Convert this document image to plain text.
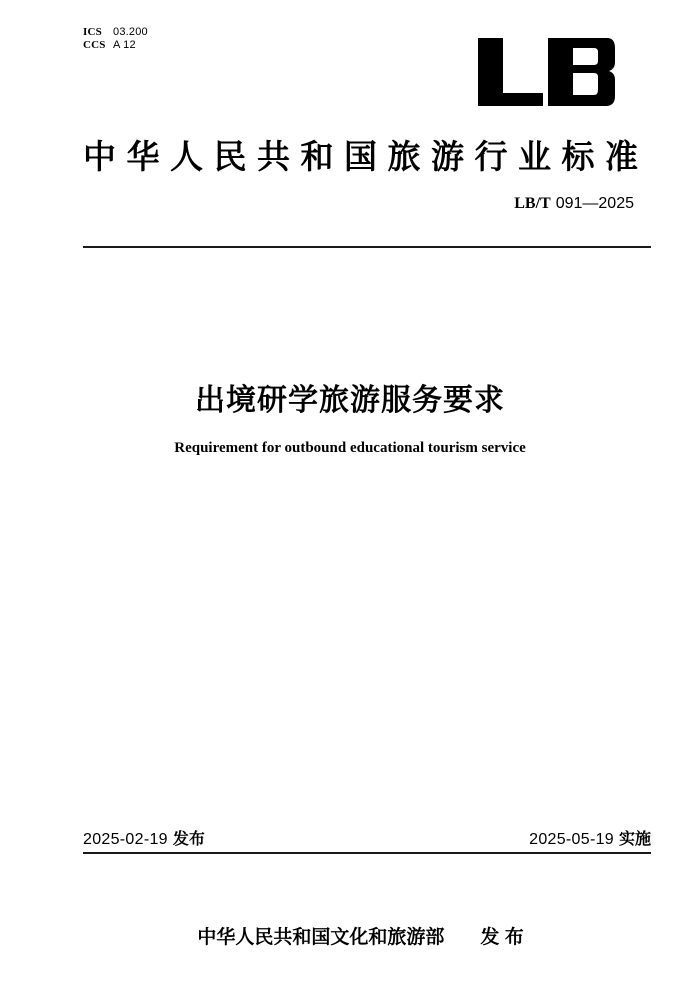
ICS 03.200
CCS A 12
中华人民共和国旅游行业标准
LB/T 091—2025
出境研学旅游服务要求
Requirement for outbound educational tourism service
2025-02-19 发布	2025-05-19 实施

中华人民共和国文化和旅游部 发 布
